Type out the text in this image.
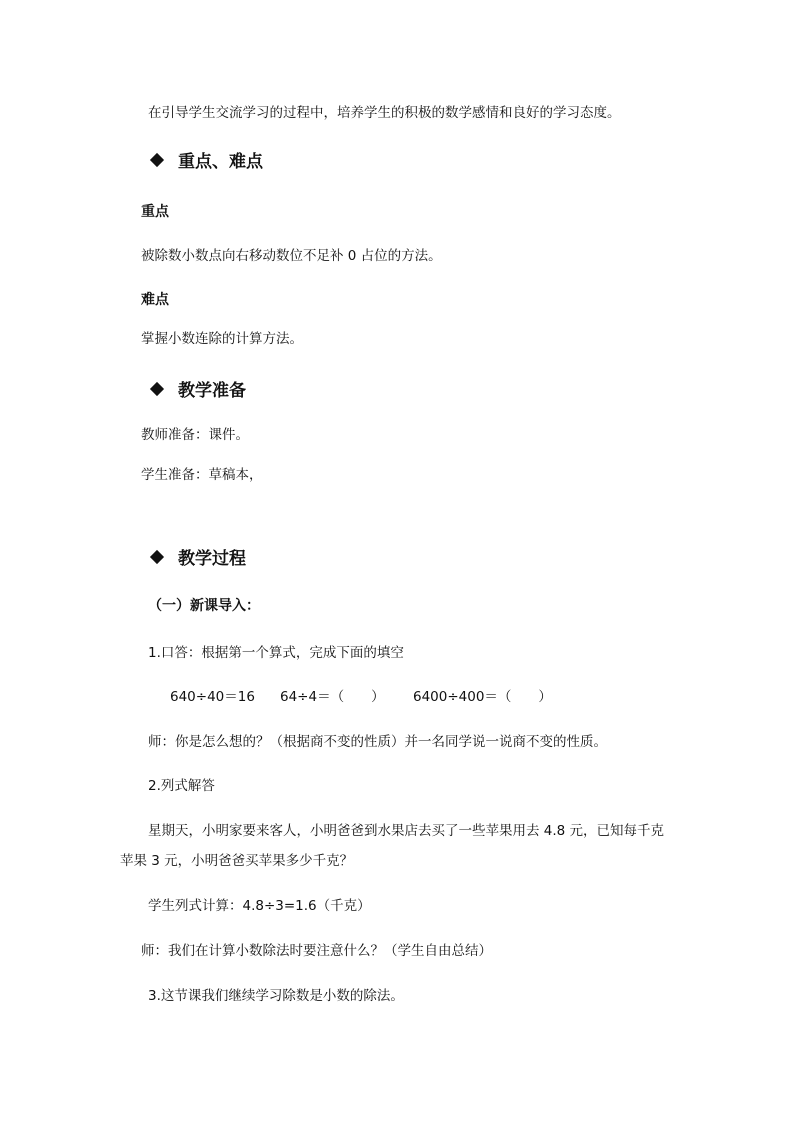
在引导学生交流学习的过程中，培养学生的积极的数学感情和良好的学习态度。
重点、难点
重点
被除数小数点向右移动数位不足补 0 占位的方法。
难点
掌握小数连除的计算方法。
教学准备
教师准备：课件。
学生准备：草稿本，
教学过程
（一）新课导入：
1.口答：根据第一个算式，完成下面的填空
640÷40＝16 64÷4＝（　　） 6400÷400＝（　　）
师：你是怎么想的？（根据商不变的性质）并一名同学说一说商不变的性质。
2.列式解答
星期天，小明家要来客人，小明爸爸到水果店去买了一些苹果用去 4.8 元，已知每千克
苹果 3 元，小明爸爸买苹果多少千克？
学生列式计算：4.8÷3=1.6（千克）
师：我们在计算小数除法时要注意什么？（学生自由总结）
3.这节课我们继续学习除数是小数的除法。
